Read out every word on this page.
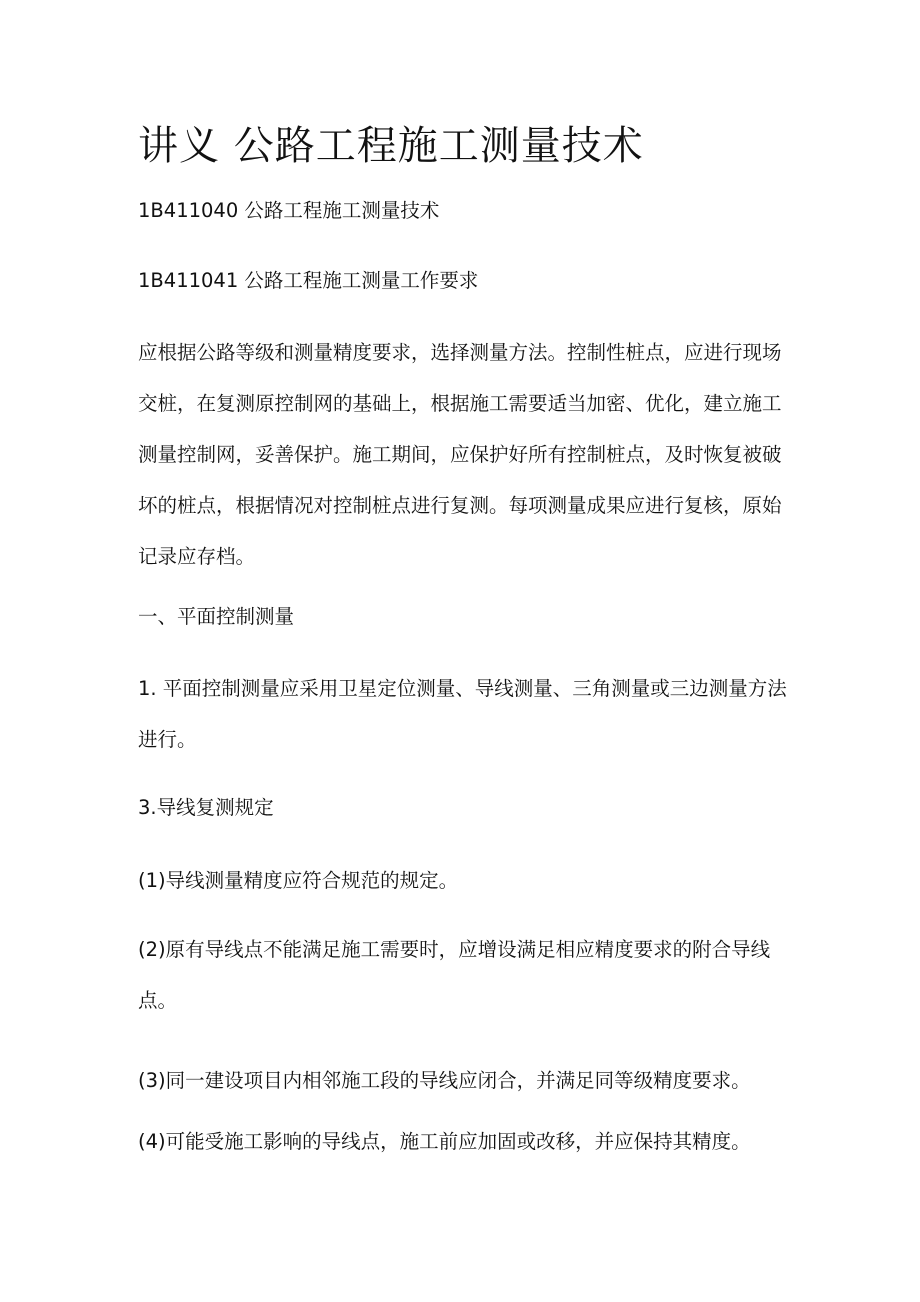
讲义 公路工程施工测量技术

1B411040 公路工程施工测量技术

1B411041 公路工程施工测量工作要求

应根据公路等级和测量精度要求，选择测量方法。控制性桩点，应进行现场交桩，在复测原控制网的基础上，根据施工需要适当加密、优化，建立施工测量控制网，妥善保护。施工期间，应保护好所有控制桩点，及时恢复被破坏的桩点，根据情况对控制桩点进行复测。每项测量成果应进行复核，原始记录应存档。

一、平面控制测量

1. 平面控制测量应采用卫星定位测量、导线测量、三角测量或三边测量方法进行。

3.导线复测规定

(1)导线测量精度应符合规范的规定。

(2)原有导线点不能满足施工需要时，应增设满足相应精度要求的附合导线点。

(3)同一建设项目内相邻施工段的导线应闭合，并满足同等级精度要求。

(4)可能受施工影响的导线点，施工前应加固或改移，并应保持其精度。
